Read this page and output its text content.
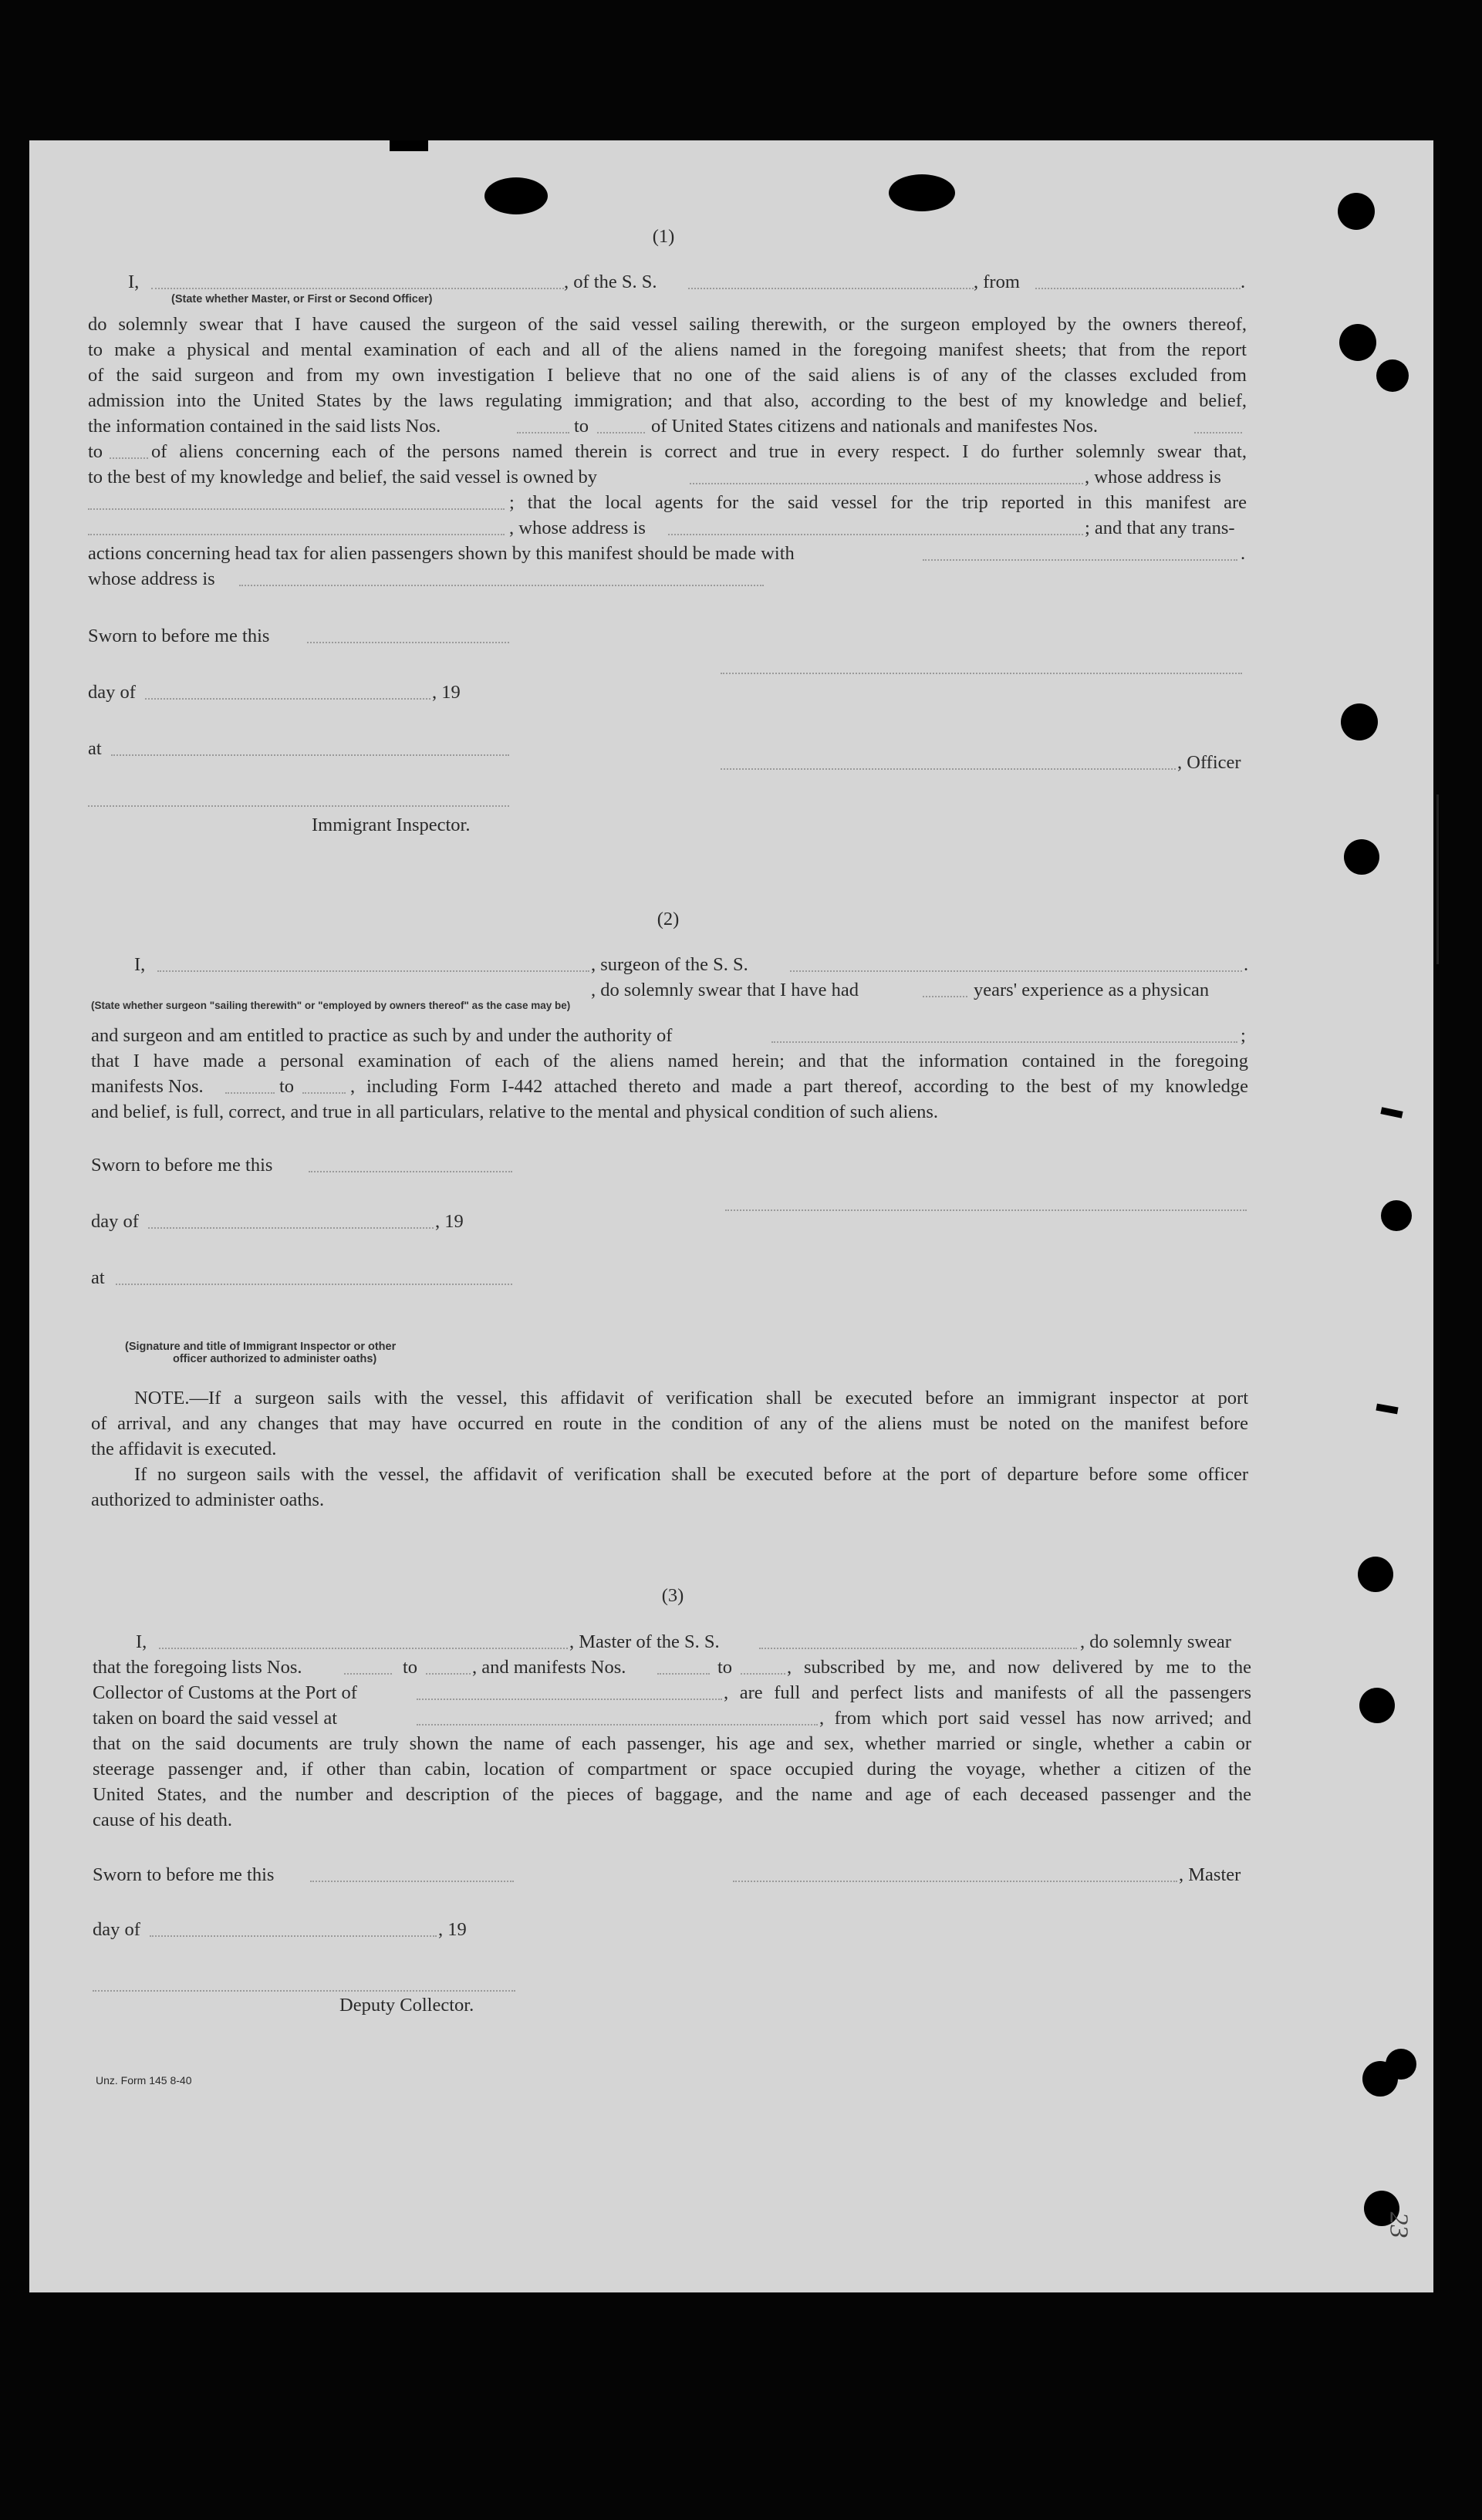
23
(1)
I,	, of the S. S.	, from	.
(State whether Master, or First or Second Officer)
do solemnly swear that I have caused the surgeon of the said vessel sailing therewith, or the surgeon employed by the owners thereof,
to make a physical and mental examination of each and all of the aliens named in the foregoing manifest sheets; that from the report
of the said surgeon and from my own investigation I believe that no one of the said aliens is of any of the classes excluded from
admission into the United States by the laws regulating immigration; and that also, according to the best of my knowledge and belief,
the information contained in the said lists Nos.	to	of United States citizens and nationals and manifestes Nos.
to	of aliens concerning each of the persons named therein is correct and true in every respect. I do further solemnly swear that,
to the best of my knowledge and belief, the said vessel is owned by	, whose address is
; that the local agents for the said vessel for the trip reported in this manifest are
, whose address is	; and that any trans-
actions concerning head tax for alien passengers shown by this manifest should be made with	.
whose address is
Sworn to before me this
day of	, 19
at
, Officer
Immigrant Inspector.
(2)
I,	, surgeon of the S. S.	.
, do solemnly swear that I have had	years' experience as a physican
(State whether surgeon "sailing therewith" or "employed by owners thereof" as the case may be)
and surgeon and am entitled to practice as such by and under the authority of	;
that I have made a personal examination of each of the aliens named herein; and that the information contained in the foregoing
manifests Nos.	to	, including Form I-442 attached thereto and made a part thereof, according to the best of my knowledge
and belief, is full, correct, and true in all particulars, relative to the mental and physical condition of such aliens.
Sworn to before me this
day of	, 19
at
(Signature and title of Immigrant Inspector or other
officer authorized to administer oaths)
NOTE.—If a surgeon sails with the vessel, this affidavit of verification shall be executed before an immigrant inspector at port
of arrival, and any changes that may have occurred en route in the condition of any of the aliens must be noted on the manifest before
the affidavit is executed.
If no surgeon sails with the vessel, the affidavit of verification shall be executed before at the port of departure before some officer
authorized to administer oaths.
(3)
I,	, Master of the S. S.	, do solemnly swear
that the foregoing lists Nos.	to	, and manifests Nos.	to	, subscribed by me, and now delivered by me to the
Collector of Customs at the Port of	, are full and perfect lists and manifests of all the passengers
taken on board the said vessel at	, from which port said vessel has now arrived; and
that on the said documents are truly shown the name of each passenger, his age and sex, whether married or single, whether a cabin or
steerage passenger and, if other than cabin, location of compartment or space occupied during the voyage, whether a citizen of the
United States, and the number and description of the pieces of baggage, and the name and age of each deceased passenger and the
cause of his death.
Sworn to before me this	, Master
day of	, 19
Deputy Collector.
Unz. Form 145 8-40
